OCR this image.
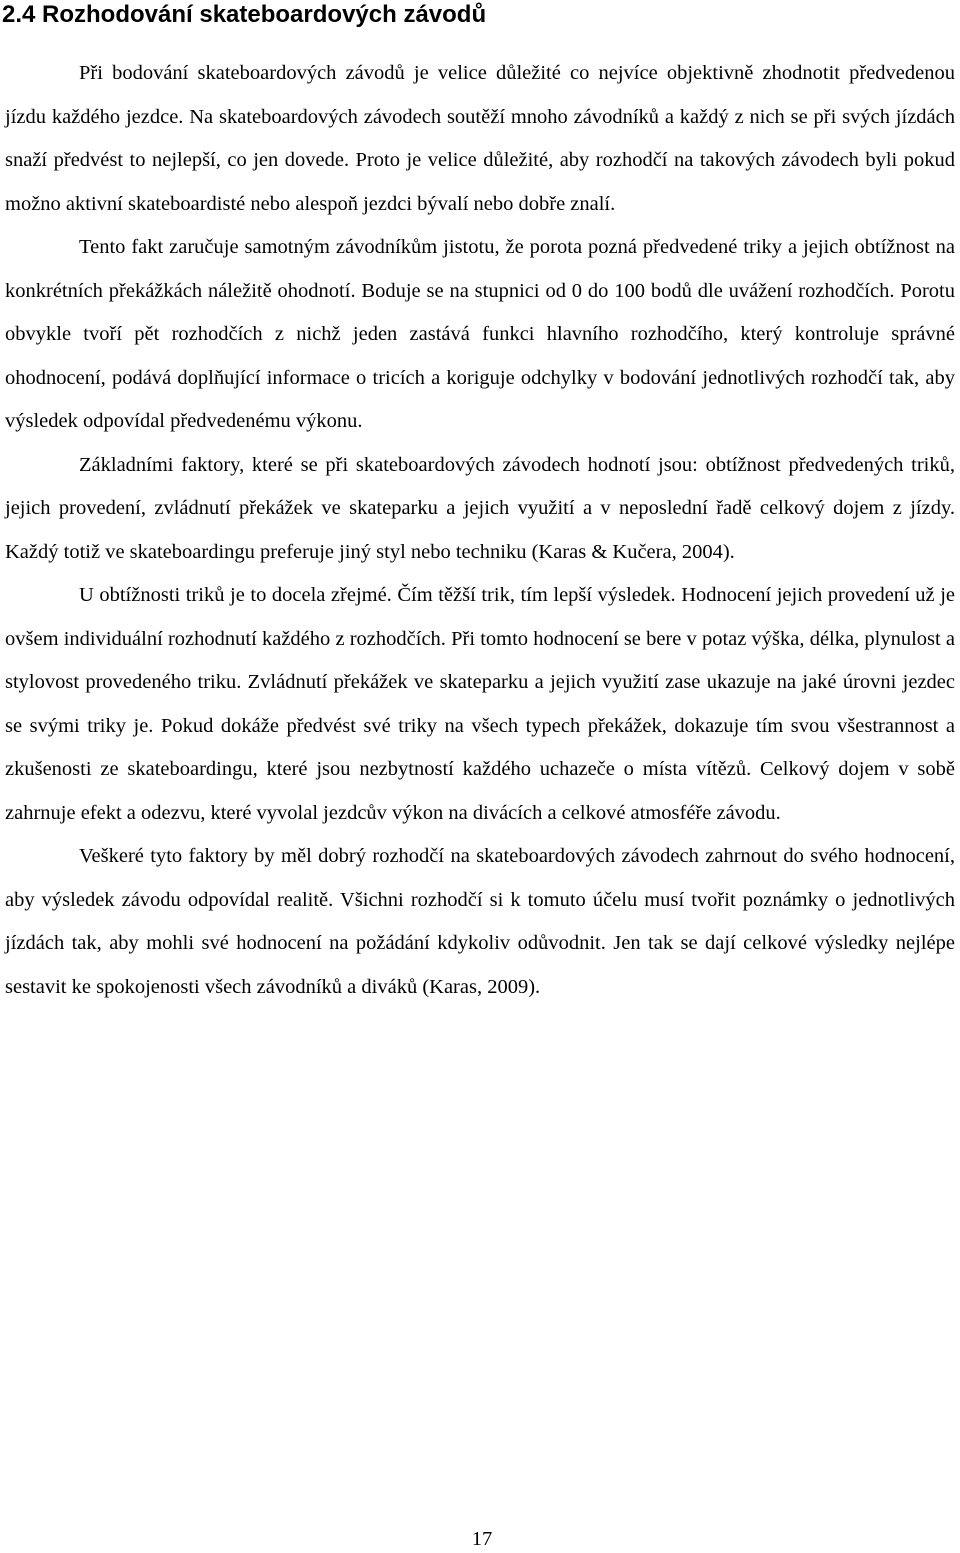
2.4 Rozhodování skateboardových závodů

Při bodování skateboardových závodů je velice důležité co nejvíce objektivně zhodnotit předvedenou jízdu každého jezdce. Na skateboardových závodech soutěží mnoho závodníků a každý z nich se při svých jízdách snaží předvést to nejlepší, co jen dovede. Proto je velice důležité, aby rozhodčí na takových závodech byli pokud možno aktivní skateboardisté nebo alespoň jezdci bývalí nebo dobře znalí.

Tento fakt zaručuje samotným závodníkům jistotu, že porota pozná předvedené triky a jejich obtížnost na konkrétních překážkách náležitě ohodnotí. Boduje se na stupnici od 0 do 100 bodů dle uvážení rozhodčích. Porotu obvykle tvoří pět rozhodčích z nichž jeden zastává funkci hlavního rozhodčího, který kontroluje správné ohodnocení, podává doplňující informace o tricích a koriguje odchylky v bodování jednotlivých rozhodčí tak, aby výsledek odpovídal předvedenému výkonu.

Základními faktory, které se při skateboardových závodech hodnotí jsou: obtížnost předvedených triků, jejich provedení, zvládnutí překážek ve skateparku a jejich využití a v neposlední řadě celkový dojem z jízdy. Každý totiž ve skateboardingu preferuje jiný styl nebo techniku (Karas & Kučera, 2004).

U obtížnosti triků je to docela zřejmé. Čím těžší trik, tím lepší výsledek. Hodnocení jejich provedení už je ovšem individuální rozhodnutí každého z rozhodčích. Při tomto hodnocení se bere v potaz výška, délka, plynulost a stylovost provedeného triku. Zvládnutí překážek ve skateparku a jejich využití zase ukazuje na jaké úrovni jezdec se svými triky je. Pokud dokáže předvést své triky na všech typech překážek, dokazuje tím svou všestrannost a zkušenosti ze skateboardingu, které jsou nezbytností každého uchazeče o místa vítězů. Celkový dojem v sobě zahrnuje efekt a odezvu, které vyvolal jezdcův výkon na divácích a celkové atmosféře závodu.

Veškeré tyto faktory by měl dobrý rozhodčí na skateboardových závodech zahrnout do svého hodnocení, aby výsledek závodu odpovídal realitě. Všichni rozhodčí si k tomuto účelu musí tvořit poznámky o jednotlivých jízdách tak, aby mohli své hodnocení na požádání kdykoliv odůvodnit. Jen tak se dají celkové výsledky nejlépe sestavit ke spokojenosti všech závodníků a diváků (Karas, 2009).

17
